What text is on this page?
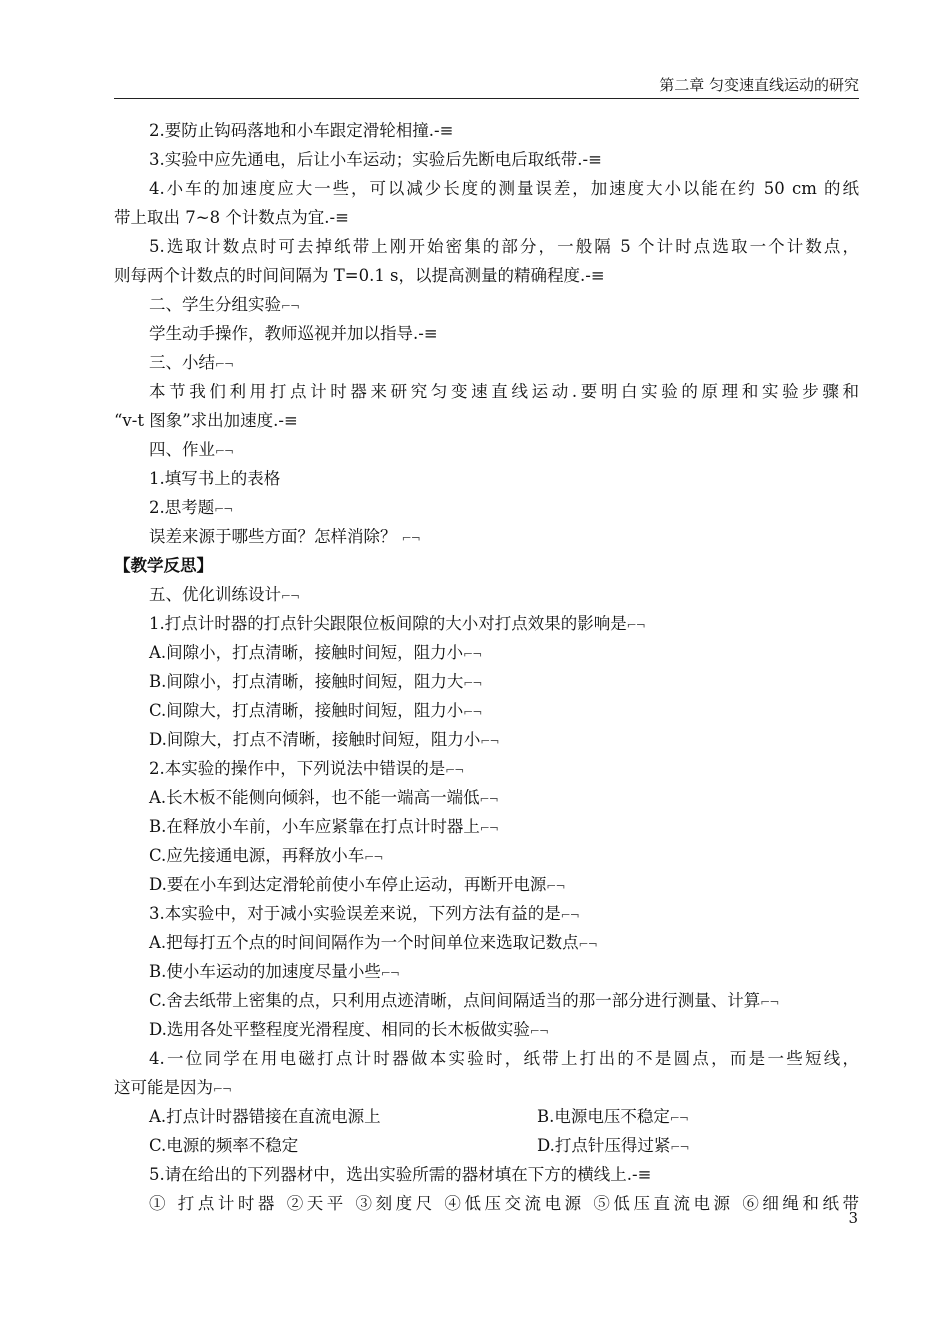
第二章 匀变速直线运动的研究
2.要防止钩码落地和小车跟定滑轮相撞.-≡
3.实验中应先通电，后让小车运动；实验后先断电后取纸带.-≡
4.小车的加速度应大一些，可以减少长度的测量误差，加速度大小以能在约 50 cm 的纸
带上取出 7~8 个计数点为宜.-≡
5.选取计数点时可去掉纸带上刚开始密集的部分，一般隔 5 个计时点选取一个计数点，
则每两个计数点的时间间隔为 T=0.1 s，以提高测量的精确程度.-≡
二、学生分组实验⌐¬
学生动手操作，教师巡视并加以指导.-≡
三、小结⌐¬
本节我们利用打点计时器来研究匀变速直线运动.要明白实验的原理和实验步骤和
“v-t 图象”求出加速度.-≡
四、作业⌐¬
1.填写书上的表格
2.思考题⌐¬
误差来源于哪些方面？怎样消除？ ⌐¬
【教学反思】
五、优化训练设计⌐¬
1.打点计时器的打点针尖跟限位板间隙的大小对打点效果的影响是⌐¬
A.间隙小，打点清晰，接触时间短，阻力小⌐¬
B.间隙小，打点清晰，接触时间短，阻力大⌐¬
C.间隙大，打点清晰，接触时间短，阻力小⌐¬
D.间隙大，打点不清晰，接触时间短，阻力小⌐¬
2.本实验的操作中，下列说法中错误的是⌐¬
A.长木板不能侧向倾斜，也不能一端高一端低⌐¬
B.在释放小车前，小车应紧靠在打点计时器上⌐¬
C.应先接通电源，再释放小车⌐¬
D.要在小车到达定滑轮前使小车停止运动，再断开电源⌐¬
3.本实验中，对于减小实验误差来说，下列方法有益的是⌐¬
A.把每打五个点的时间间隔作为一个时间单位来选取记数点⌐¬
B.使小车运动的加速度尽量小些⌐¬
C.舍去纸带上密集的点，只利用点迹清晰，点间间隔适当的那一部分进行测量、计算⌐¬
D.选用各处平整程度光滑程度、相同的长木板做实验⌐¬
4.一位同学在用电磁打点计时器做本实验时，纸带上打出的不是圆点，而是一些短线，
这可能是因为⌐¬
A.打点计时器错接在直流电源上	B.电源电压不稳定⌐¬
C.电源的频率不稳定	D.打点针压得过紧⌐¬
5.请在给出的下列器材中，选出实验所需的器材填在下方的横线上.-≡
① 打点计时器 ②天平 ③刻度尺 ④低压交流电源 ⑤低压直流电源 ⑥细绳和纸带
3
